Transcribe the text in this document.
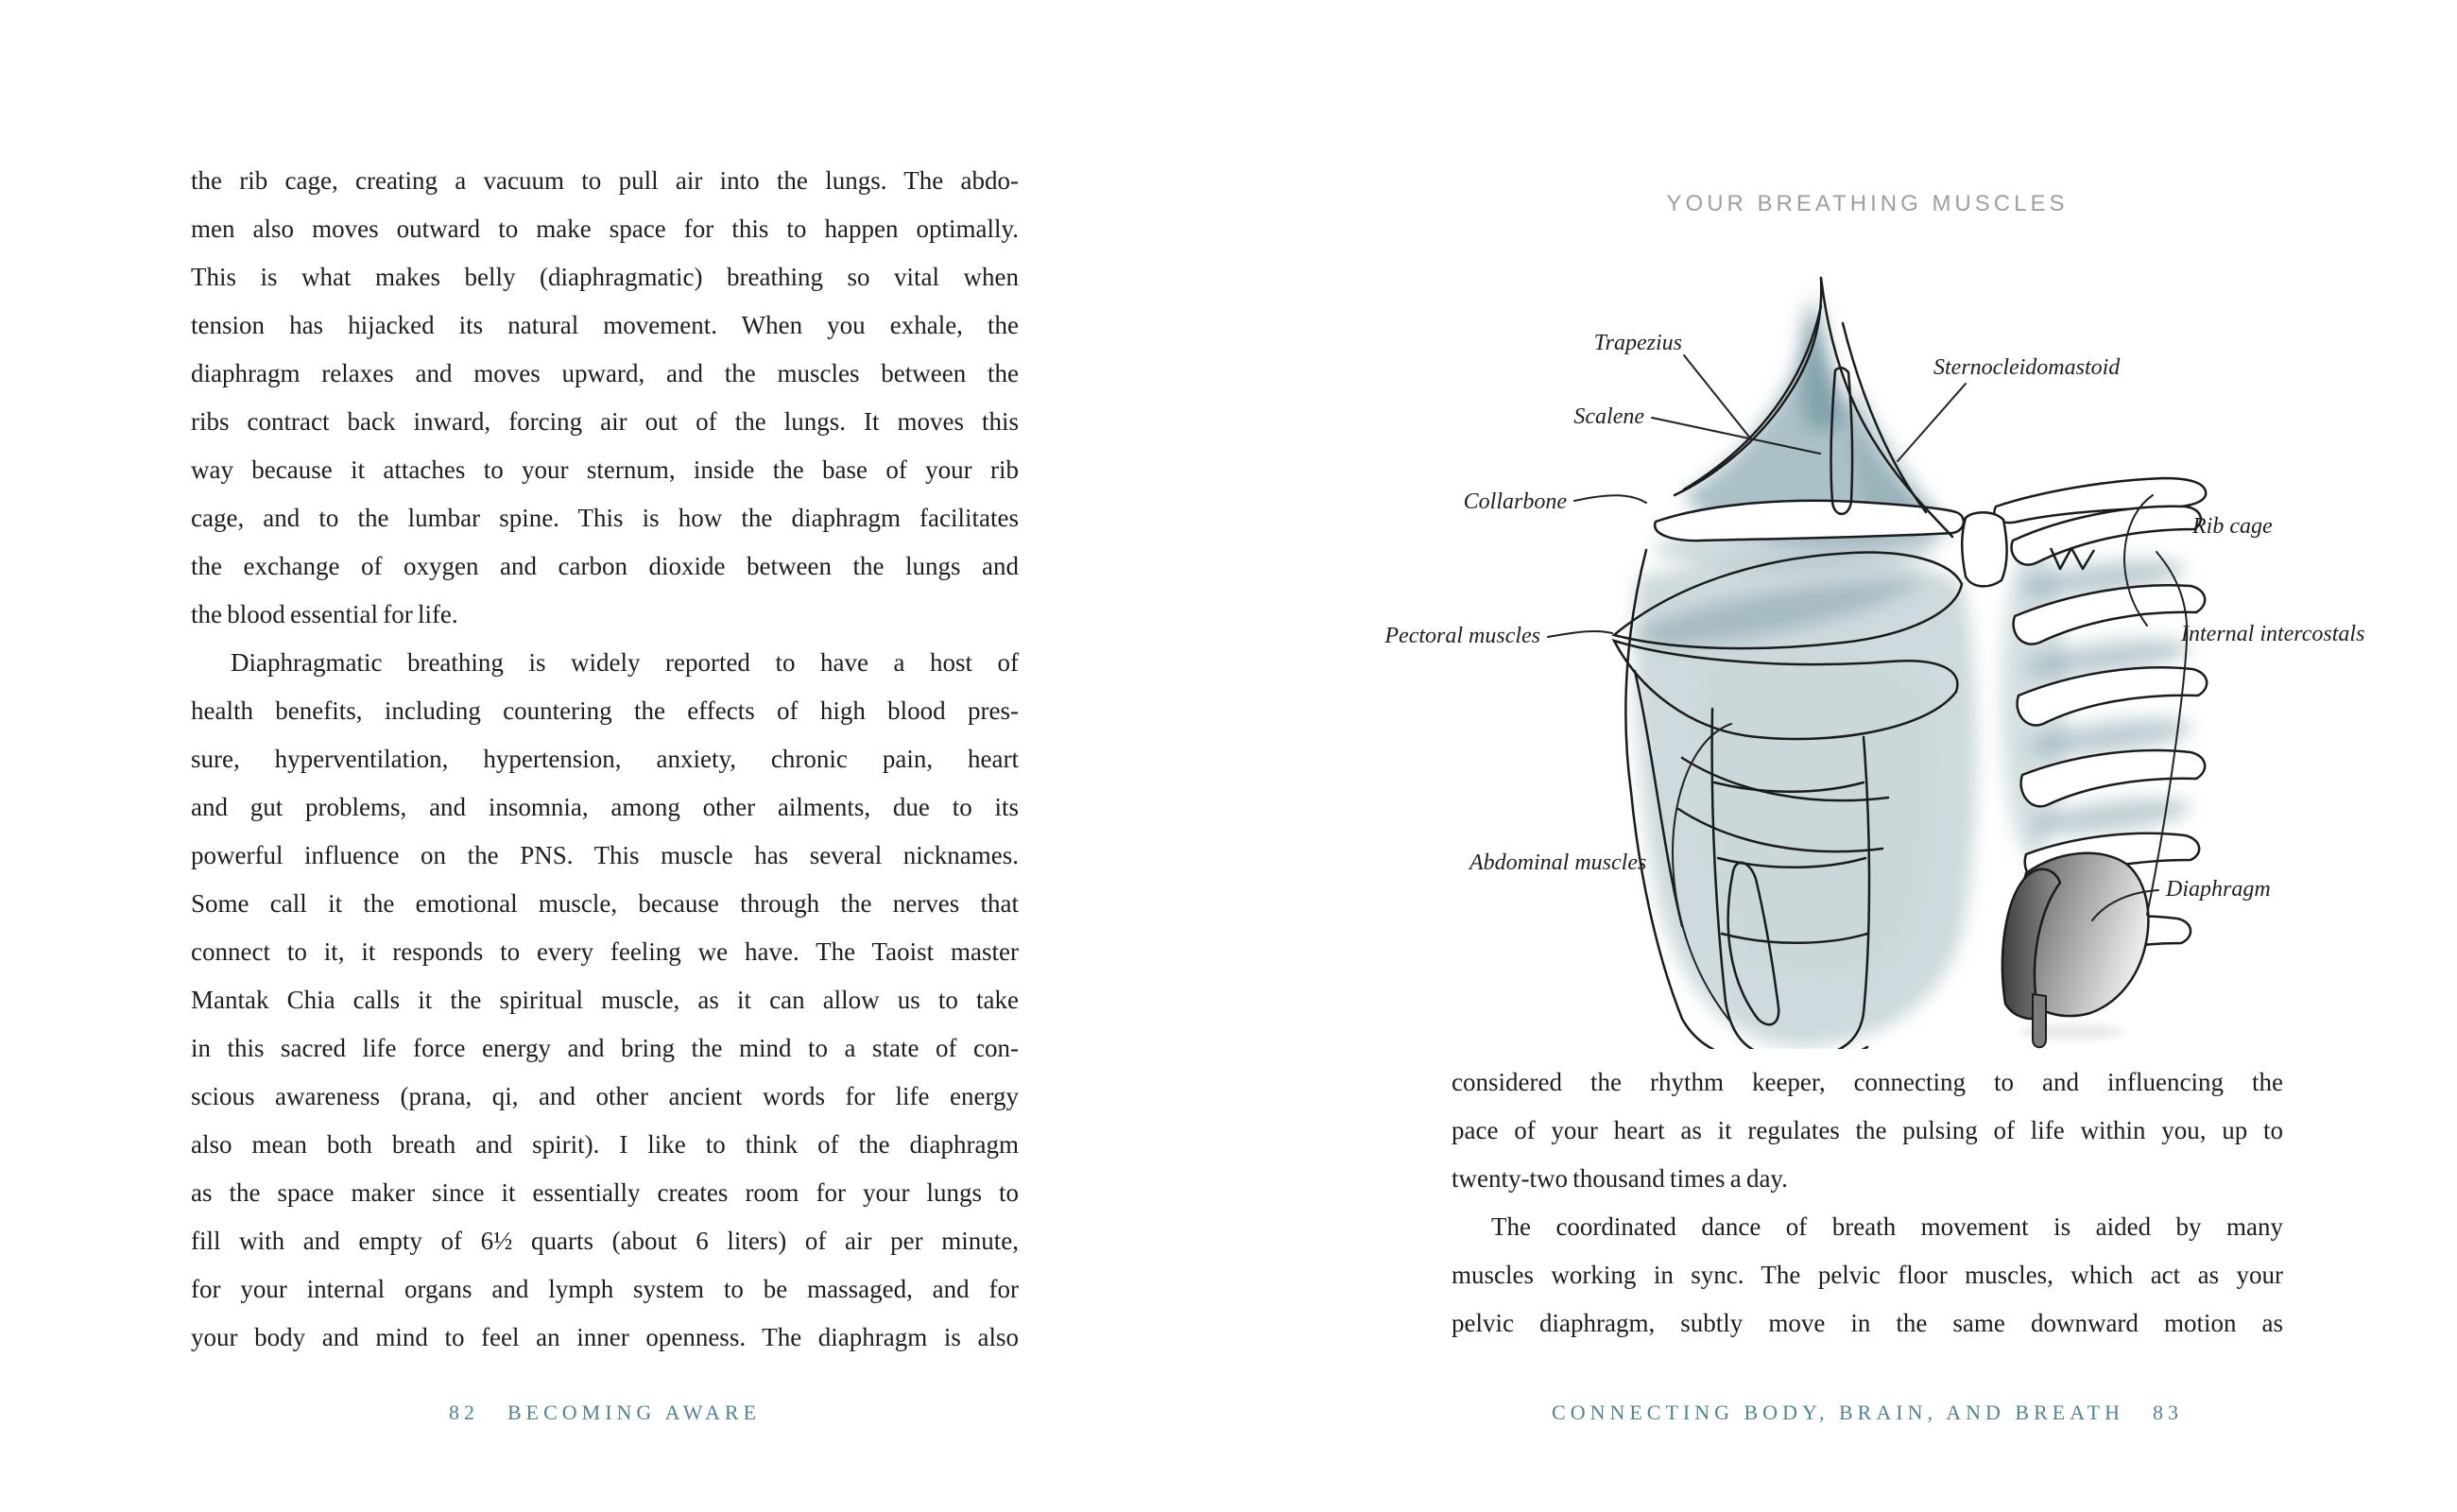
YOUR BREATHING MUSCLES
the rib cage, creating a vacuum to pull air into the lungs. The abdo-
men also moves outward to make space for this to happen optimally.
This is what makes belly (diaphragmatic) breathing so vital when
tension has hijacked its natural movement. When you exhale, the
diaphragm relaxes and moves upward, and the muscles between the
ribs contract back inward, forcing air out of the lungs. It moves this
way because it attaches to your sternum, inside the base of your rib
cage, and to the lumbar spine. This is how the diaphragm facilitates
the exchange of oxygen and carbon dioxide between the lungs and
the blood essential for life.
Diaphragmatic breathing is widely reported to have a host of
health benefits, including countering the effects of high blood pres-
sure, hyperventilation, hypertension, anxiety, chronic pain, heart
and gut problems, and insomnia, among other ailments, due to its
powerful influence on the PNS. This muscle has several nicknames.
Some call it the emotional muscle, because through the nerves that
connect to it, it responds to every feeling we have. The Taoist master
Mantak Chia calls it the spiritual muscle, as it can allow us to take
in this sacred life force energy and bring the mind to a state of con-
scious awareness (prana, qi, and other ancient words for life energy
also mean both breath and spirit). I like to think of the diaphragm
as the space maker since it essentially creates room for your lungs to
fill with and empty of 6½ quarts (about 6 liters) of air per minute,
for your internal organs and lymph system to be massaged, and for
your body and mind to feel an inner openness. The diaphragm is also
considered the rhythm keeper, connecting to and influencing the
pace of your heart as it regulates the pulsing of life within you, up to
twenty-two thousand times a day.
The coordinated dance of breath movement is aided by many
muscles working in sync. The pelvic floor muscles, which act as your
pelvic diaphragm, subtly move in the same downward motion as
82 BECOMING AWARE	CONNECTING BODY, BRAIN, AND BREATH 83
Trapezius
Sternocleidomastoid
Scalene
Collarbone
Rib cage
Pectoral muscles	Internal intercostals
Abdominal muscles
Diaphragm
